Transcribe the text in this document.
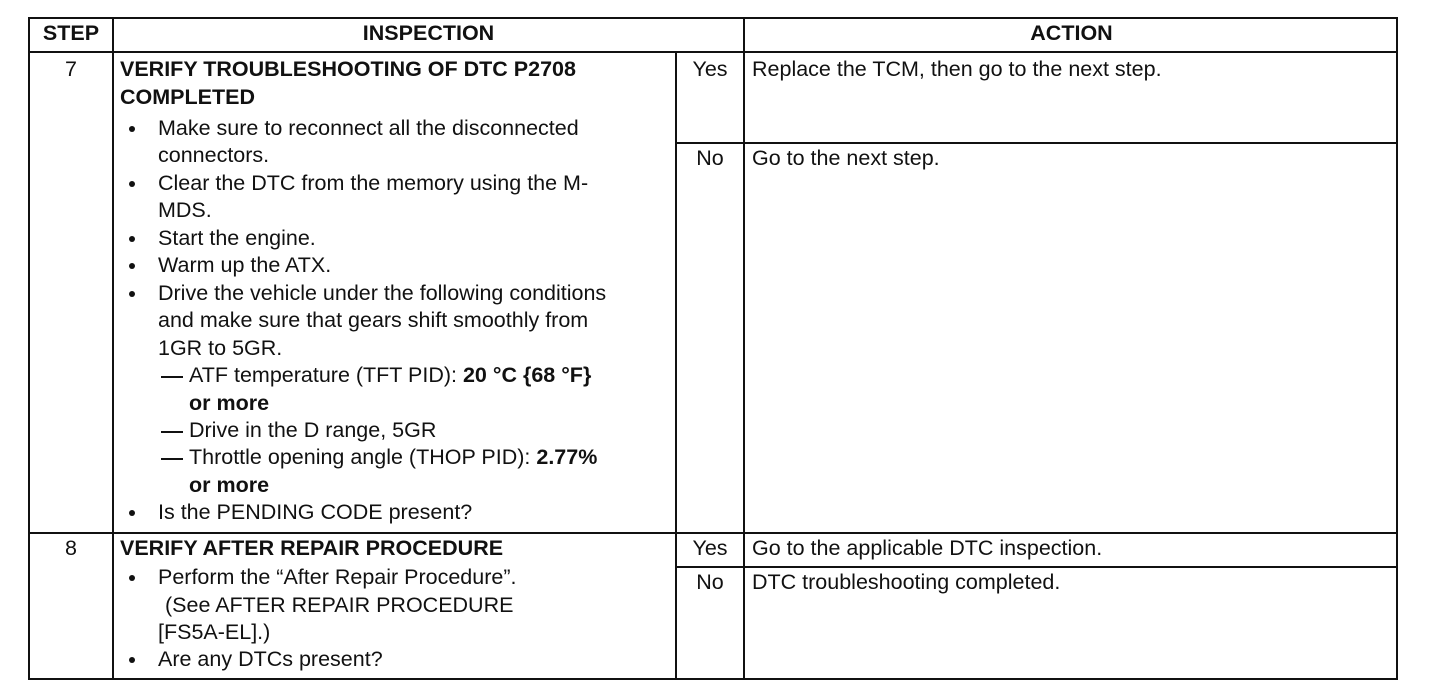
STEP	INSPECTION	ACTION
7	VERIFY TROUBLESHOOTING OF DTC P2708
COMPLETED
Make sure to reconnect all the disconnected
connectors.
Clear the DTC from the memory using the M-
MDS.
Start the engine.
Warm up the ATX.
Drive the vehicle under the following conditions
and make sure that gears shift smoothly from
1GR to 5GR.
ATF temperature (TFT PID): 20 °C {68 °F}
or more
Drive in the D range, 5GR
Throttle opening angle (THOP PID): 2.77%
or more
Is the PENDING CODE present?
Yes	Replace the TCM, then go to the next step.
No	Go to the next step.
8	VERIFY AFTER REPAIR PROCEDURE
Perform the “After Repair Procedure”.
(See AFTER REPAIR PROCEDURE
[FS5A-EL].)
Are any DTCs present?
Yes	Go to the applicable DTC inspection.
No	DTC troubleshooting completed.
